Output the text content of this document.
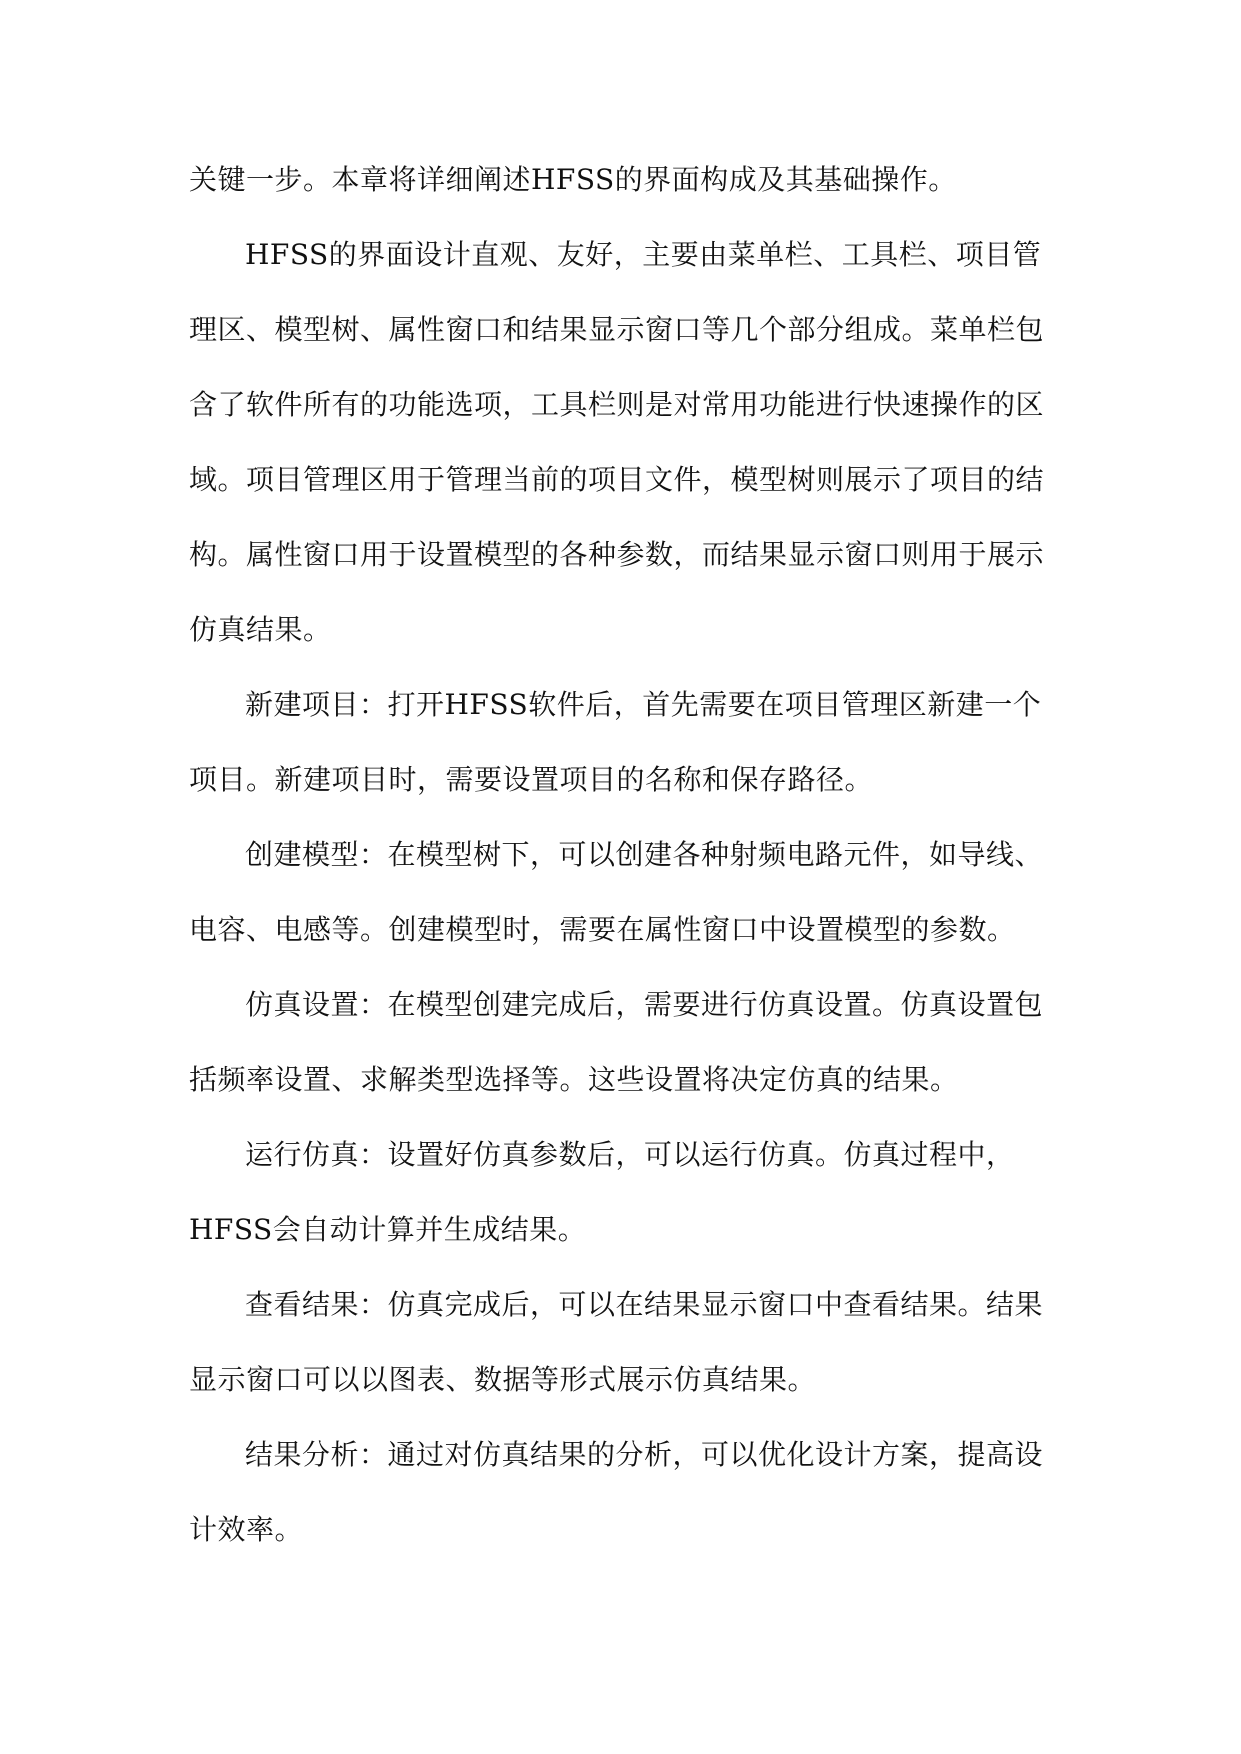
关键一步。本章将详细阐述HFSS的界面构成及其基础操作。

HFSS的界面设计直观、友好，主要由菜单栏、工具栏、项目管理区、模型树、属性窗口和结果显示窗口等几个部分组成。菜单栏包含了软件所有的功能选项，工具栏则是对常用功能进行快速操作的区域。项目管理区用于管理当前的项目文件，模型树则展示了项目的结构。属性窗口用于设置模型的各种参数，而结果显示窗口则用于展示仿真结果。

新建项目：打开HFSS软件后，首先需要在项目管理区新建一个项目。新建项目时，需要设置项目的名称和保存路径。

创建模型：在模型树下，可以创建各种射频电路元件，如导线、电容、电感等。创建模型时，需要在属性窗口中设置模型的参数。

仿真设置：在模型创建完成后，需要进行仿真设置。仿真设置包括频率设置、求解类型选择等。这些设置将决定仿真的结果。

运行仿真：设置好仿真参数后，可以运行仿真。仿真过程中，HFSS会自动计算并生成结果。

查看结果：仿真完成后，可以在结果显示窗口中查看结果。结果显示窗口可以以图表、数据等形式展示仿真结果。

结果分析：通过对仿真结果的分析，可以优化设计方案，提高设计效率。
